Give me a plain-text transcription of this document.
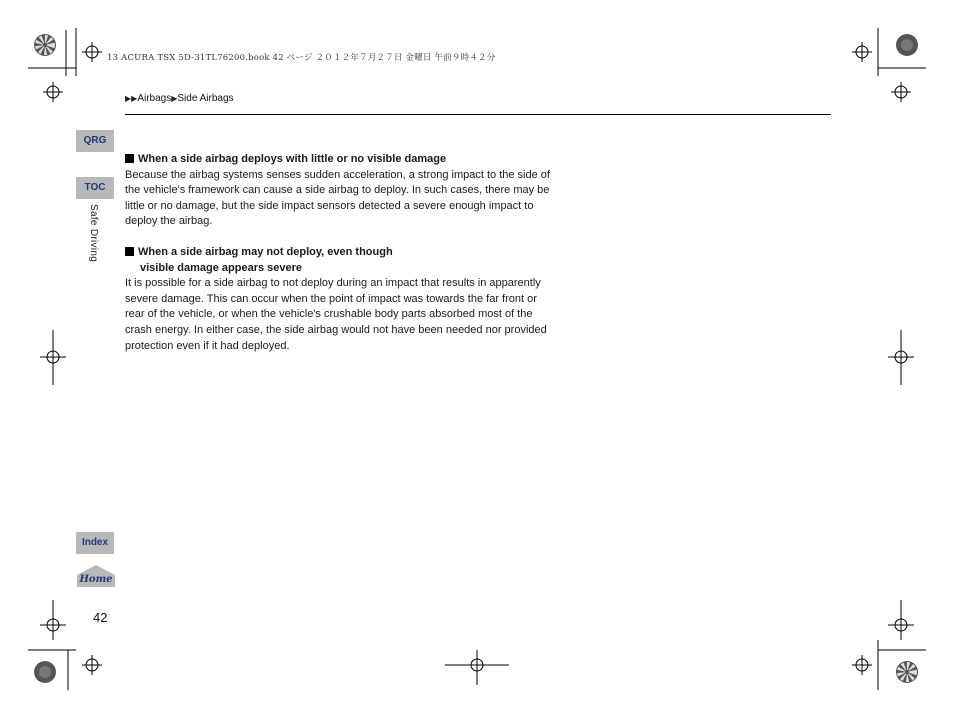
13 ACURA TSX 5D-31TL76200.book 42 ページ ２０１２年７月２７日 金曜日 午前９時４２分
▶▶Airbags▶Side Airbags
QRG
TOC
Safe Driving
Index
Home
When a side airbag deploys with little or no visible damage

Because the airbag systems senses sudden acceleration, a strong impact to the side of the vehicle's framework can cause a side airbag to deploy. In such cases, there may be little or no damage, but the side impact sensors detected a severe enough impact to deploy the airbag.

When a side airbag may not deploy, even though
visible damage appears severe

It is possible for a side airbag to not deploy during an impact that results in apparently severe damage. This can occur when the point of impact was towards the far front or rear of the vehicle, or when the vehicle's crushable body parts absorbed most of the crash energy. In either case, the side airbag would not have been needed nor provided protection even if it had deployed.

42
